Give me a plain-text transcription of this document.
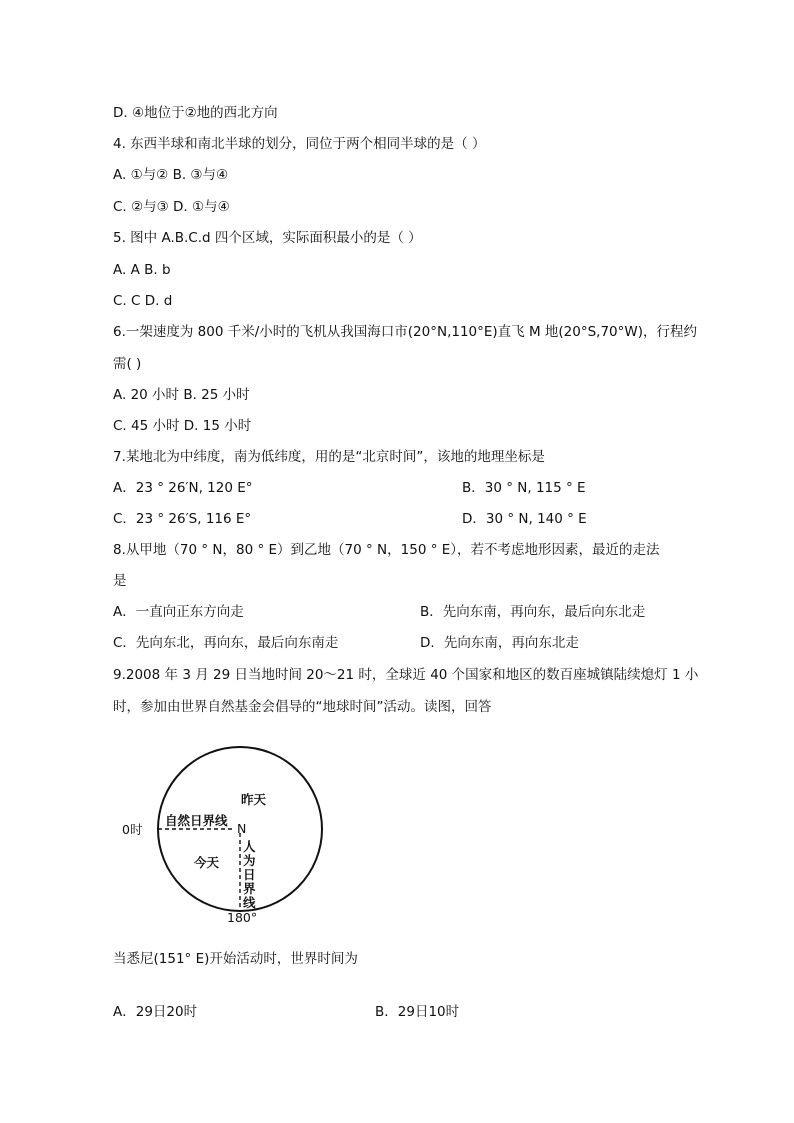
D. ④地位于②地的西北方向
4. 东西半球和南北半球的划分，同位于两个相同半球的是（ ）
A. ①与② B. ③与④
C. ②与③ D. ①与④
5. 图中 A.B.C.d 四个区域，实际面积最小的是（ ）
A. A B. b
C. C D. d
6.一架速度为 800 千米/小时的飞机从我国海口市(20°N,110°E)直飞 M 地(20°S,70°W)，行程约
需( )
A. 20 小时 B. 25 小时
C. 45 小时 D. 15 小时
7.某地北为中纬度，南为低纬度，用的是“北京时间”，该地的地理坐标是
A．23 ° 26′N, 120 E°	B．30 ° N, 115 ° E
C．23 ° 26′S, 116 E°	D．30 ° N, 140 ° E
8.从甲地（70 ° N，80 ° E）到乙地（70 ° N，150 ° E），若不考虑地形因素，最近的走法
是
A．一直向正东方向走	B．先向东南，再向东，最后向东北走
C．先向东北，再向东，最后向东南走	D．先向东南，再向东北走
9.2008 年 3 月 29 日当地时间 20～21 时，全球近 40 个国家和地区的数百座城镇陆续熄灯 1 小
时，参加由世界自然基金会倡导的“地球时间”活动。读图，回答
昨天
自然日界线
N
0时
今天
人
为
日
界
线
180°
当悉尼(151° E)开始活动时，世界时间为
A．29日20时	B．29日10时
